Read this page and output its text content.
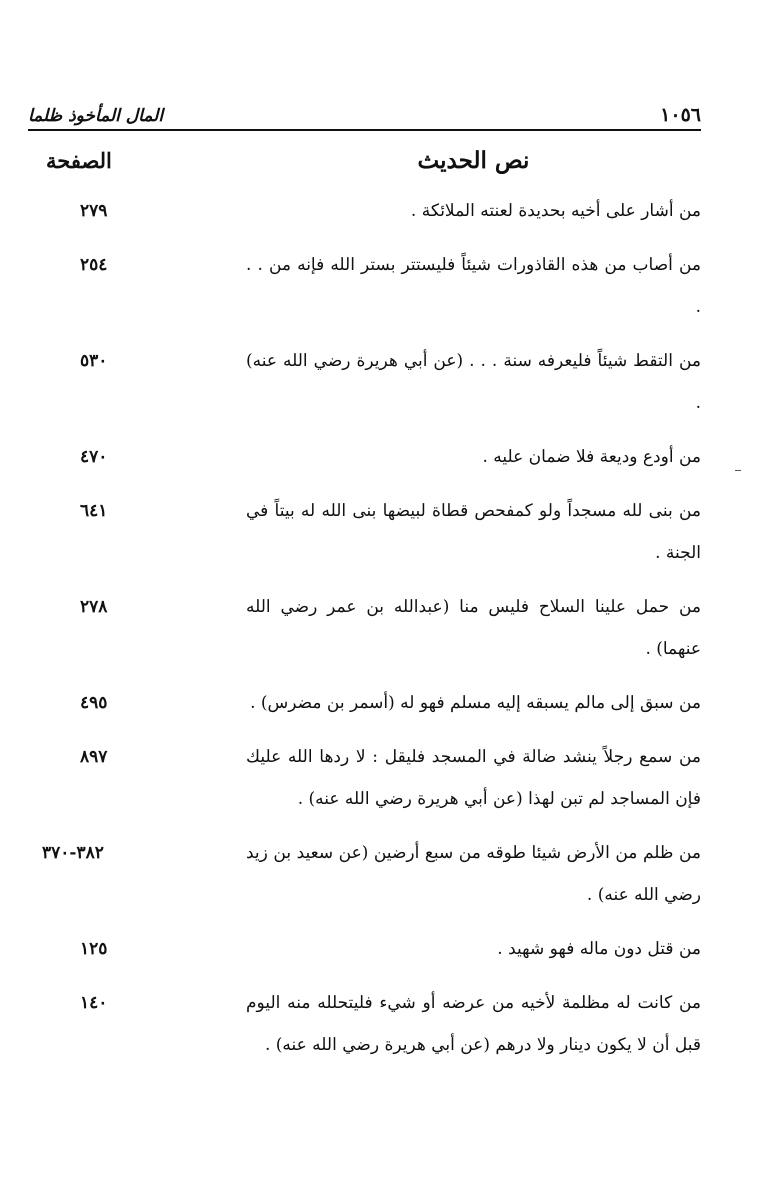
١٠٥٦
المال المأخوذ ظلما
نص الحديث
الصفحة
من أشار على أخيه بحديدة لعنته الملائكة .
٢٧٩
من أصاب من هذه القاذورات شيئاً فليستتر بستر الله فإنه من . . .
٢٥٤
من التقط شيئاً فليعرفه سنة . . . (عن أبي هريرة رضي الله عنه) .
٥٣٠
من أودع وديعة فلا ضمان عليه .
٤٧٠
من بنى لله مسجداً ولو كمفحص قطاة لبيضها بنى الله له بيتاً في الجنة .
٦٤١
من حمل علينا السلاح فليس منا (عبدالله بن عمر رضي الله عنهما) .
٢٧٨
من سبق إلى مالم يسبقه إليه مسلم فهو له (أسمر بن مضرس) .
٤٩٥
من سمع رجلاً ينشد ضالة في المسجد فليقل : لا ردها الله عليك فإن المساجد لم تبن لهذا (عن أبي هريرة رضي الله عنه) .
٨٩٧
من ظلم من الأرض شيئا طوقه من سبع أرضين (عن سعيد بن زيد رضي الله عنه) .
٣٨٢-٣٧٠
من قتل دون ماله فهو شهيد .
١٢٥
من كانت له مظلمة لأخيه من عرضه أو شيء فليتحلله منه اليوم قبل أن لا يكون دينار ولا درهم (عن أبي هريرة رضي الله عنه) .
١٤٠
